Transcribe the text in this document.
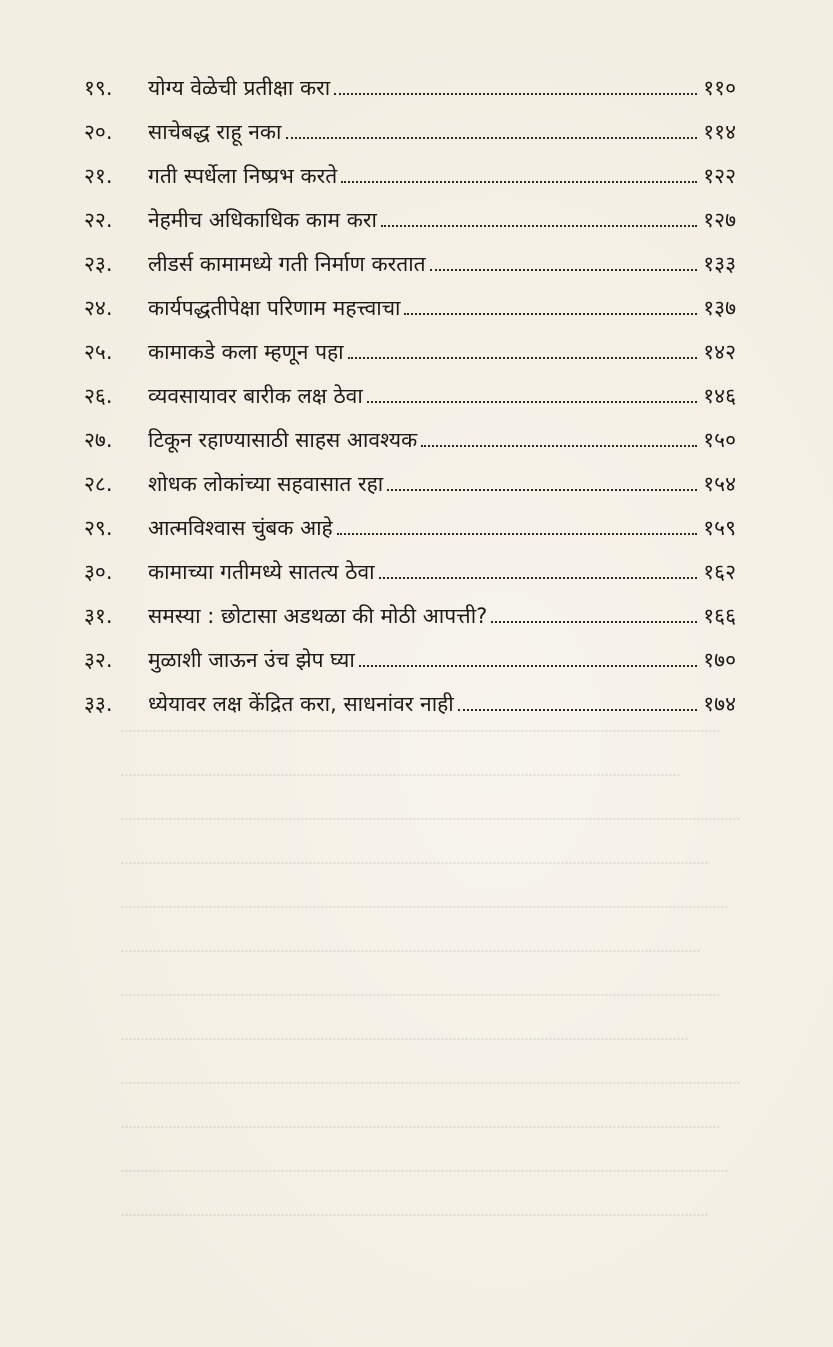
१९.	योग्य वेळेची प्रतीक्षा करा	११०
२०.	साचेबद्ध राहू नका	११४
२१.	गती स्पर्धेला निष्प्रभ करते	१२२
२२.	नेहमीच अधिकाधिक काम करा	१२७
२३.	लीडर्स कामामध्ये गती निर्माण करतात	१३३
२४.	कार्यपद्धतीपेक्षा परिणाम महत्त्वाचा	१३७
२५.	कामाकडे कला म्हणून पहा	१४२
२६.	व्यवसायावर बारीक लक्ष ठेवा	१४६
२७.	टिकून रहाण्यासाठी साहस आवश्यक	१५०
२८.	शोधक लोकांच्या सहवासात रहा	१५४
२९.	आत्मविश्वास चुंबक आहे	१५९
३०.	कामाच्या गतीमध्ये सातत्य ठेवा	१६२
३१.	समस्या : छोटासा अडथळा की मोठी आपत्ती?	१६६
३२.	मुळाशी जाऊन उंच झेप घ्या	१७०
३३.	ध्येयावर लक्ष केंद्रित करा, साधनांवर नाही	१७४
